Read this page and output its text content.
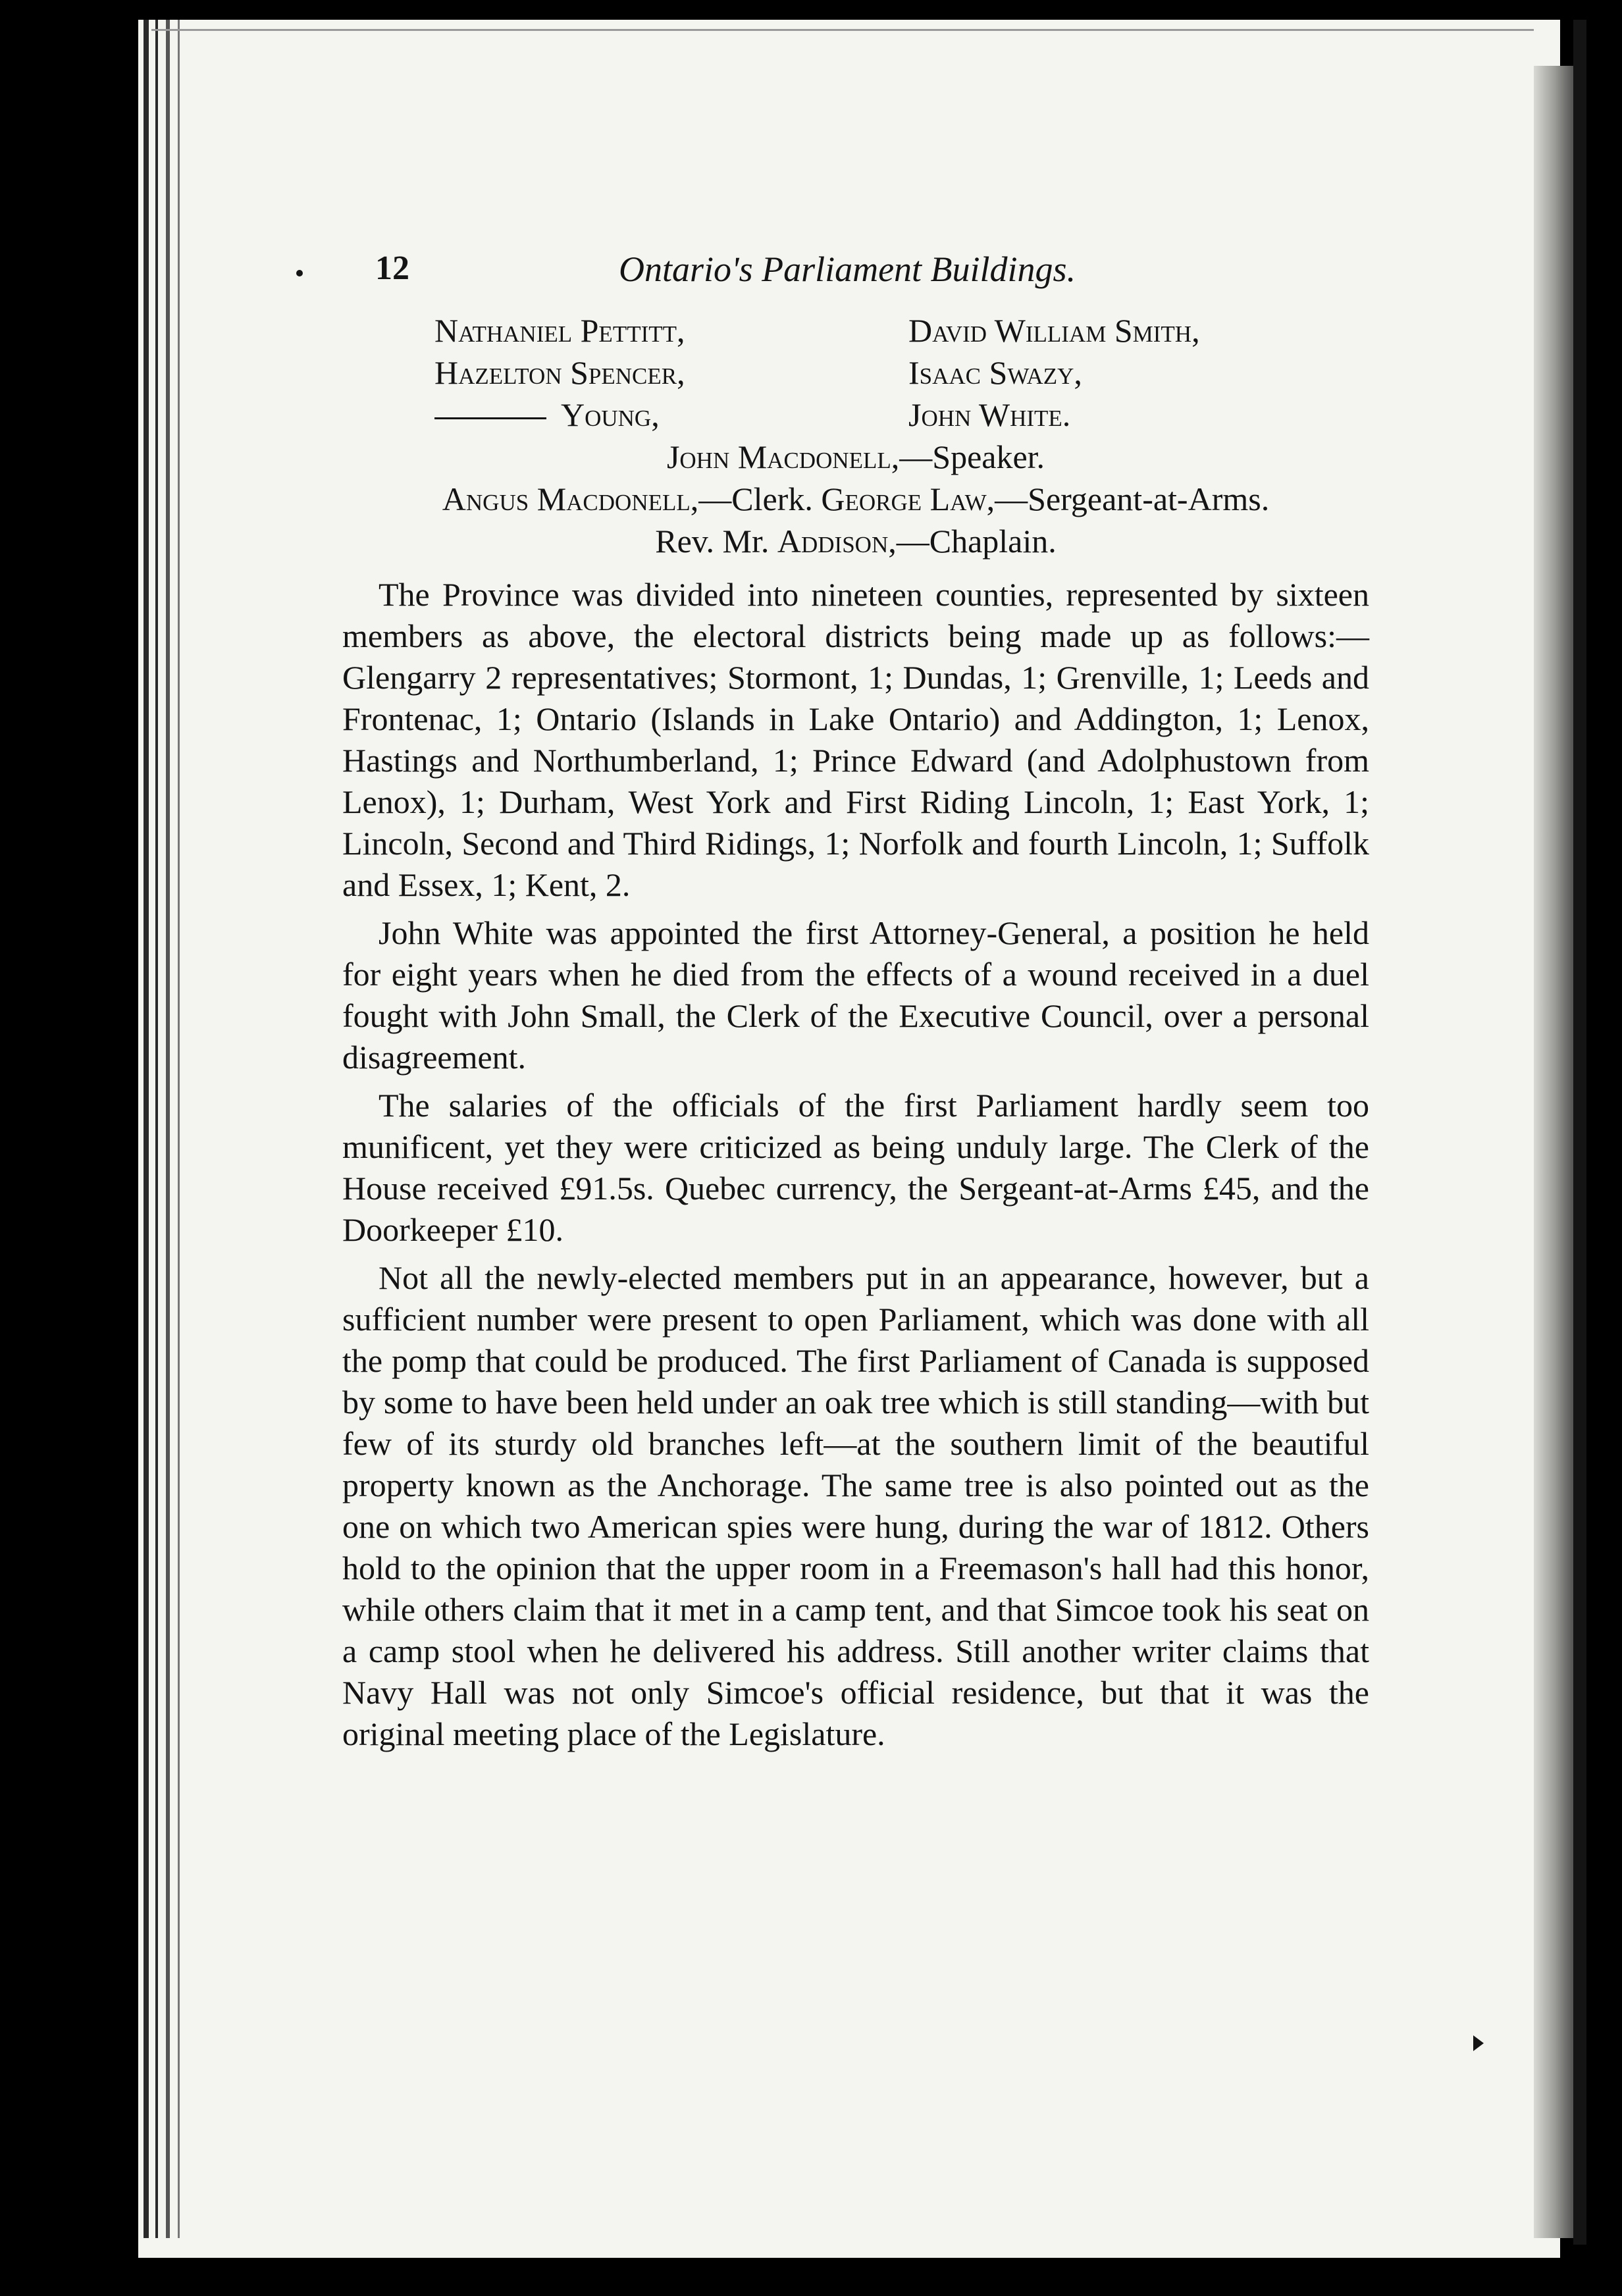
12	Ontario's Parliament Buildings.
Nathaniel Pettitt,	David William Smith,
Hazelton Spencer,	Isaac Swazy,
Young,	John White.
John Macdonell,—Speaker.
Angus Macdonell,—Clerk. George Law,—Sergeant-at-Arms.
Rev. Mr. Addison,—Chaplain.

The Province was divided into nineteen counties, represented by sixteen members as above, the electoral districts being made up as follows:—Glengarry 2 representatives; Stormont, 1; Dundas, 1; Grenville, 1; Leeds and Frontenac, 1; Ontario (Islands in Lake Ontario) and Addington, 1; Lenox, Hastings and Northumberland, 1; Prince Edward (and Adolphustown from Lenox), 1; Durham, West York and First Riding Lincoln, 1; East York, 1; Lincoln, Second and Third Ridings, 1; Norfolk and fourth Lincoln, 1; Suffolk and Essex, 1; Kent, 2.

John White was appointed the first Attorney-General, a position he held for eight years when he died from the effects of a wound received in a duel fought with John Small, the Clerk of the Executive Council, over a personal disagreement.

The salaries of the officials of the first Parliament hardly seem too munificent, yet they were criticized as being unduly large. The Clerk of the House received £91.5s. Quebec currency, the Sergeant-at-Arms £45, and the Doorkeeper £10.

Not all the newly-elected members put in an appearance, however, but a sufficient number were present to open Parliament, which was done with all the pomp that could be produced. The first Parliament of Canada is supposed by some to have been held under an oak tree which is still standing—with but few of its sturdy old branches left—at the southern limit of the beautiful property known as the Anchorage. The same tree is also pointed out as the one on which two American spies were hung, during the war of 1812. Others hold to the opinion that the upper room in a Freemason's hall had this honor, while others claim that it met in a camp tent, and that Simcoe took his seat on a camp stool when he delivered his address. Still another writer claims that Navy Hall was not only Simcoe's official residence, but that it was the original meeting place of the Legislature.
